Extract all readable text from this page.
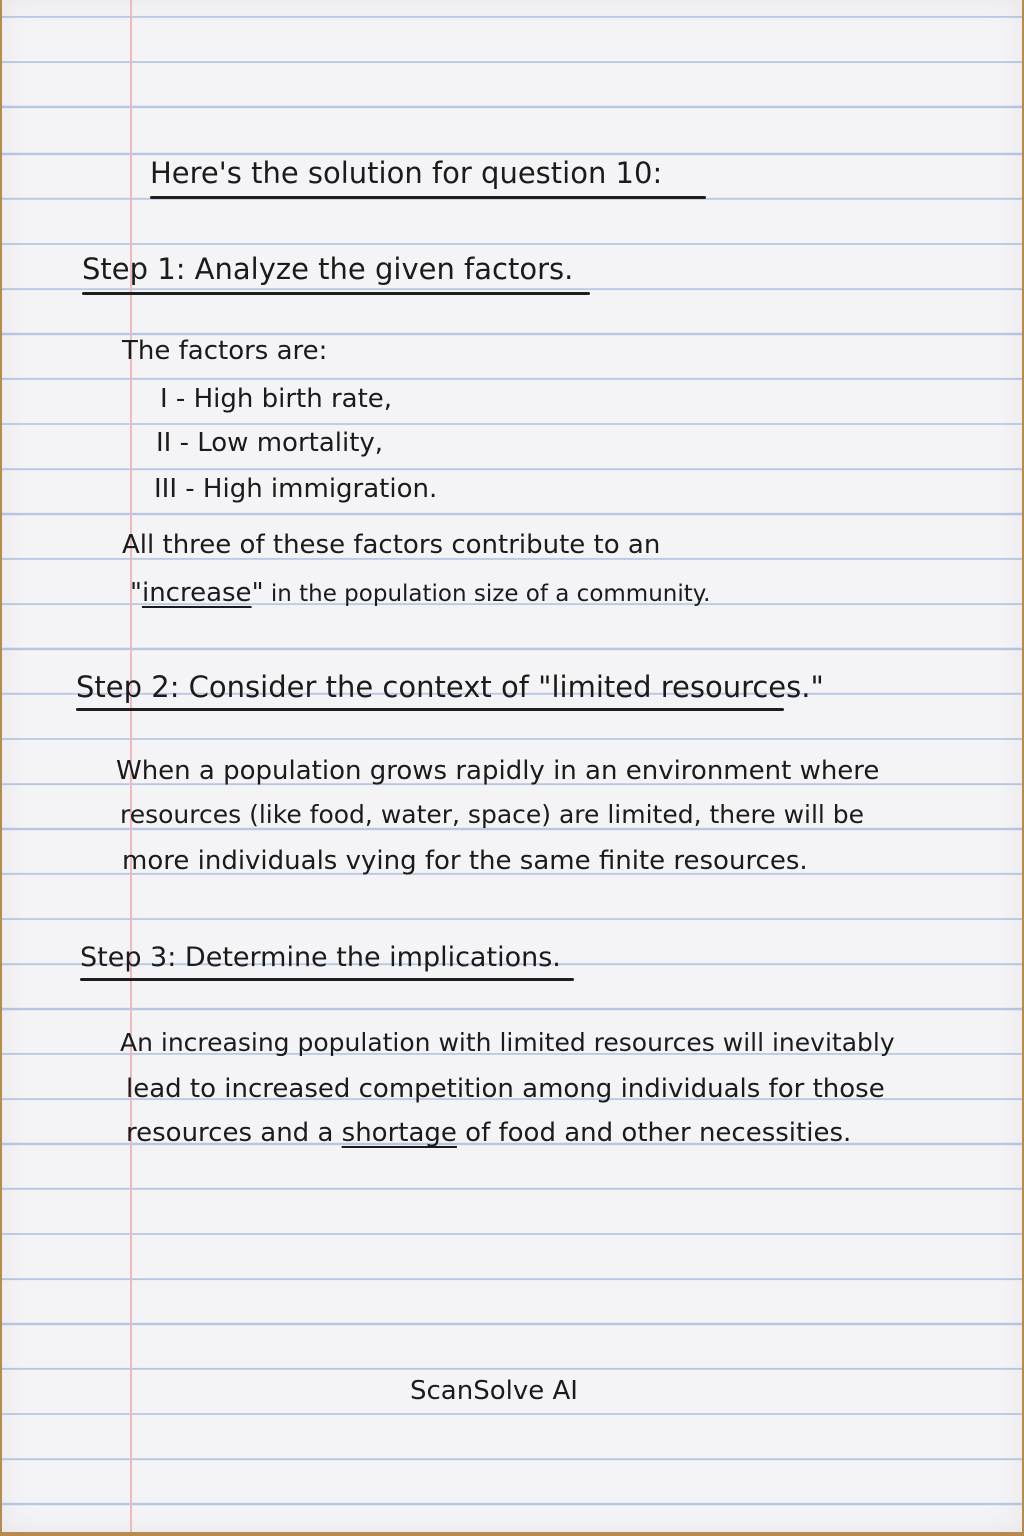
Here's the solution for question 10:
Step 1: Analyze the given factors.
The factors are:
I - High birth rate,
II - Low mortality,
III - High immigration.
All three of these factors contribute to an
"increase" in the population size of a community.
Step 2: Consider the context of "limited resources."
When a population grows rapidly in an environment where
resources (like food, water, space) are limited, there will be
more individuals vying for the same finite resources.
Step 3: Determine the implications.
An increasing population with limited resources will inevitably
lead to increased competition among individuals for those
resources and a shortage of food and other necessities.
ScanSolve AI
